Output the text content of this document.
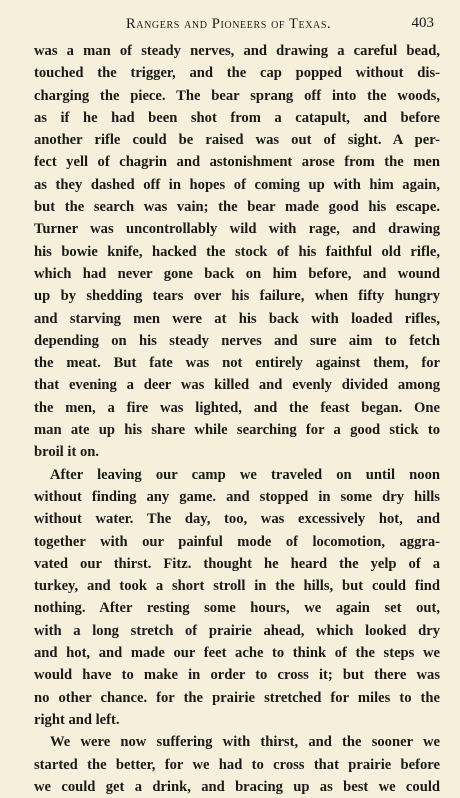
Rangers and Pioneers of Texas.	403
was a man of steady nerves, and drawing a careful bead,
touched the trigger, and the cap popped without dis-
charging the piece. The bear sprang off into the woods,
as if he had been shot from a catapult, and before
another rifle could be raised was out of sight. A per-
fect yell of chagrin and astonishment arose from the men
as they dashed off in hopes of coming up with him again,
but the search was vain; the bear made good his escape.
Turner was uncontrollably wild with rage, and drawing
his bowie knife, hacked the stock of his faithful old rifle,
which had never gone back on him before, and wound
up by shedding tears over his failure, when fifty hungry
and starving men were at his back with loaded rifles,
depending on his steady nerves and sure aim to fetch
the meat. But fate was not entirely against them, for
that evening a deer was killed and evenly divided among
the men, a fire was lighted, and the feast began. One
man ate up his share while searching for a good stick to
broil it on.
After leaving our camp we traveled on until noon
without finding any game. and stopped in some dry hills
without water. The day, too, was excessively hot, and
together with our painful mode of locomotion, aggra-
vated our thirst. Fitz. thought he heard the yelp of a
turkey, and took a short stroll in the hills, but could find
nothing. After resting some hours, we again set out,
with a long stretch of prairie ahead, which looked dry
and hot, and made our feet ache to think of the steps we
would have to make in order to cross it; but there was
no other chance. for the prairie stretched for miles to the
right and left.
We were now suffering with thirst, and the sooner we
started the better, for we had to cross that prairie before
we could get a drink, and bracing up as best we could
